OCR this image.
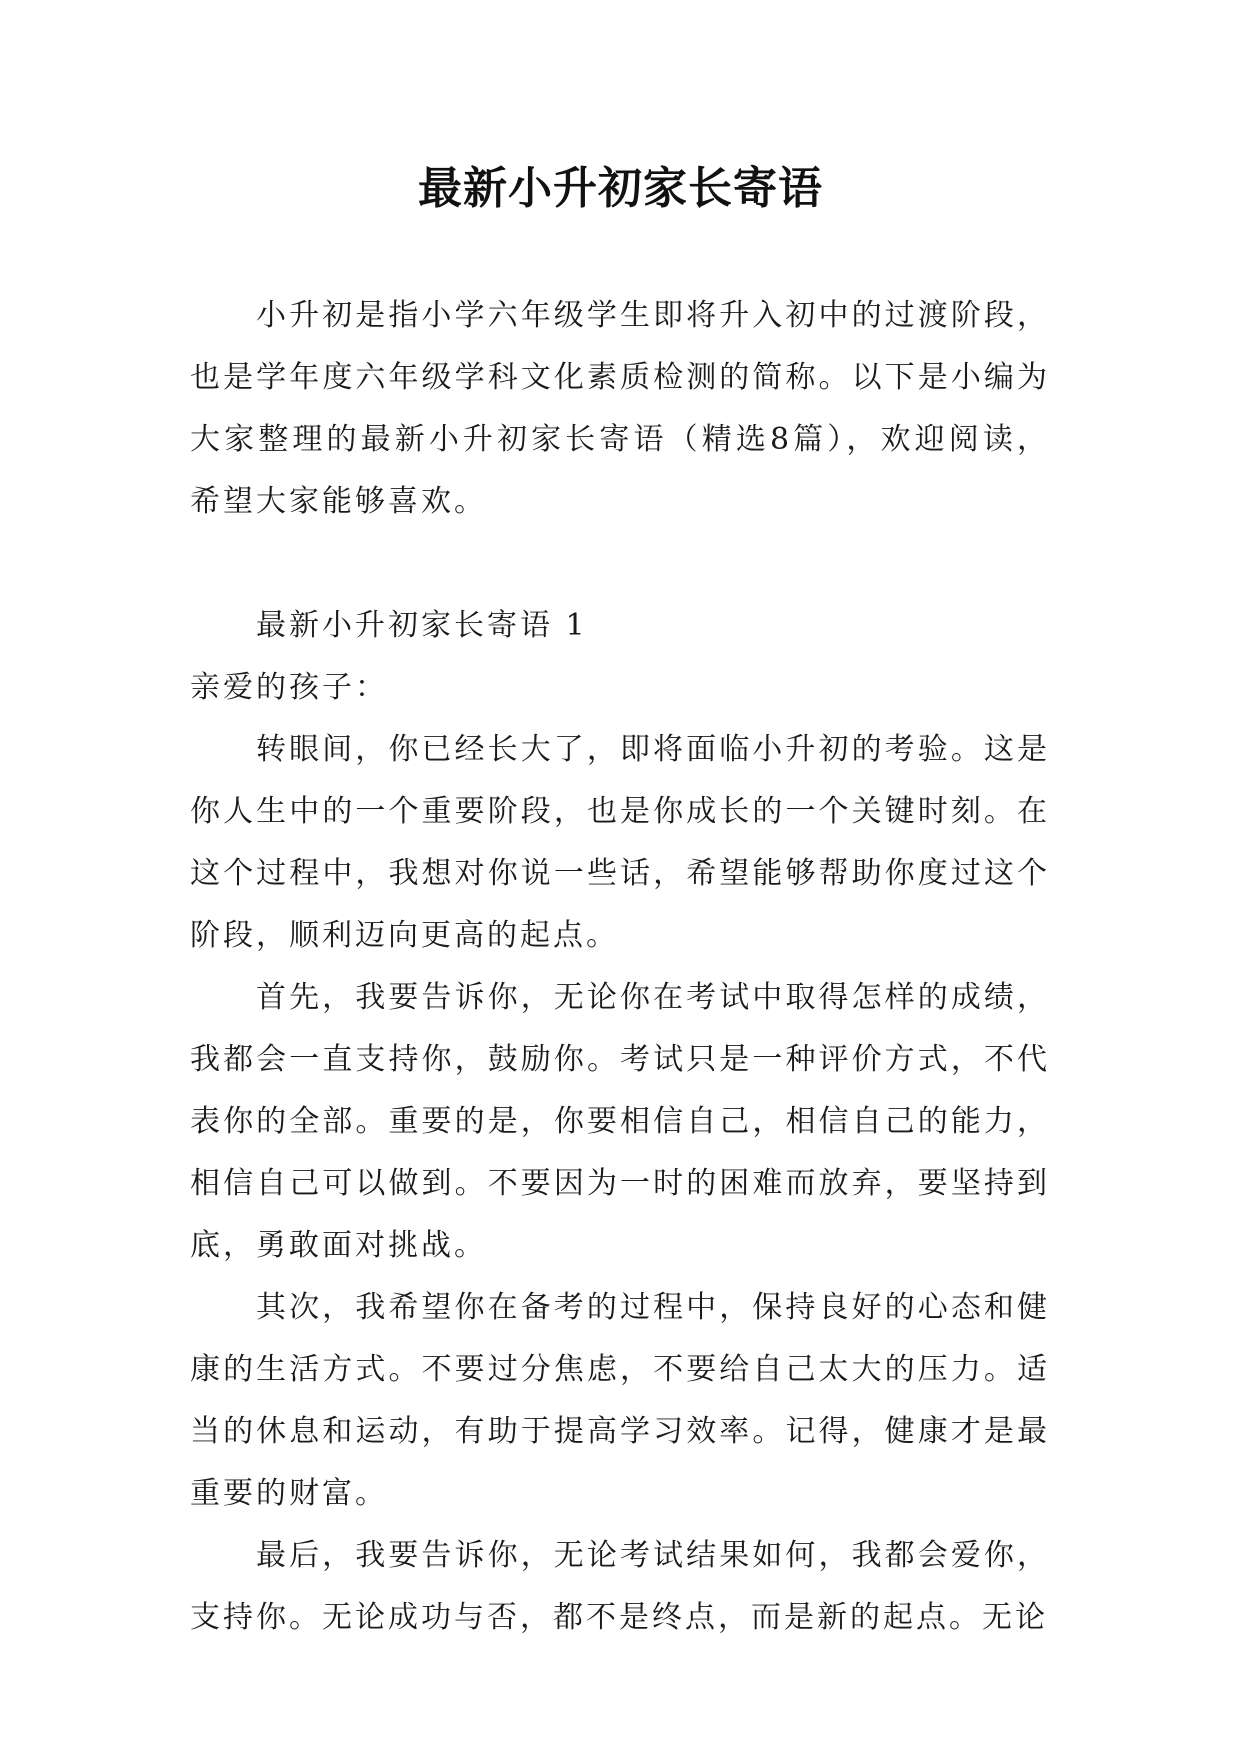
最新小升初家长寄语

小升初是指小学六年级学生即将升入初中的过渡阶段，也是学年度六年级学科文化素质检测的简称。以下是小编为大家整理的最新小升初家长寄语（精选8篇），欢迎阅读，希望大家能够喜欢。

最新小升初家长寄语 1

亲爱的孩子：

转眼间，你已经长大了，即将面临小升初的考验。这是你人生中的一个重要阶段，也是你成长的一个关键时刻。在这个过程中，我想对你说一些话，希望能够帮助你度过这个阶段，顺利迈向更高的起点。

首先，我要告诉你，无论你在考试中取得怎样的成绩，我都会一直支持你，鼓励你。考试只是一种评价方式，不代表你的全部。重要的是，你要相信自己，相信自己的能力，相信自己可以做到。不要因为一时的困难而放弃，要坚持到底，勇敢面对挑战。

其次，我希望你在备考的过程中，保持良好的心态和健康的生活方式。不要过分焦虑，不要给自己太大的压力。适当的休息和运动，有助于提高学习效率。记得，健康才是最重要的财富。

最后，我要告诉你，无论考试结果如何，我都会爱你，支持你。无论成功与否，都不是终点，而是新的起点。无论
